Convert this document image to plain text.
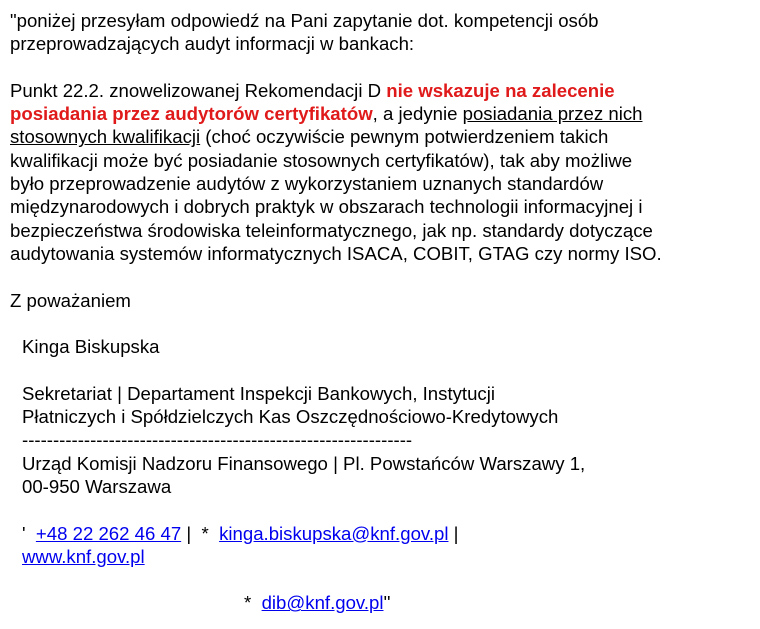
"poniżej przesyłam odpowiedź na Pani zapytanie dot. kompetencji osób

przeprowadzających audyt informacji w bankach:

Punkt 22.2. znowelizowanej Rekomendacji D nie wskazuje na zalecenie

posiadania przez audytorów certyfikatów, a jedynie posiadania przez nich

stosownych kwalifikacji (choć oczywiście pewnym potwierdzeniem takich

kwalifikacji może być posiadanie stosownych certyfikatów), tak aby możliwe

było przeprowadzenie audytów z wykorzystaniem uznanych standardów

międzynarodowych i dobrych praktyk w obszarach technologii informacyjnej i

bezpieczeństwa środowiska teleinformatycznego, jak np. standardy dotyczące

audytowania systemów informatycznych ISACA, COBIT, GTAG czy normy ISO.

Z poważaniem

Kinga Biskupska

Sekretariat | Departament Inspekcji Bankowych, Instytucji

Płatniczych i Spółdzielczych Kas Oszczędnościowo-Kredytowych

---------------------------------------------------------------

Urząd Komisji Nadzoru Finansowego | Pl. Powstańców Warszawy 1,

00-950 Warszawa

'  +48 22 262 46 47 |  *  kinga.biskupska@knf.gov.pl |

www.knf.gov.pl

*  dib@knf.gov.pl''
